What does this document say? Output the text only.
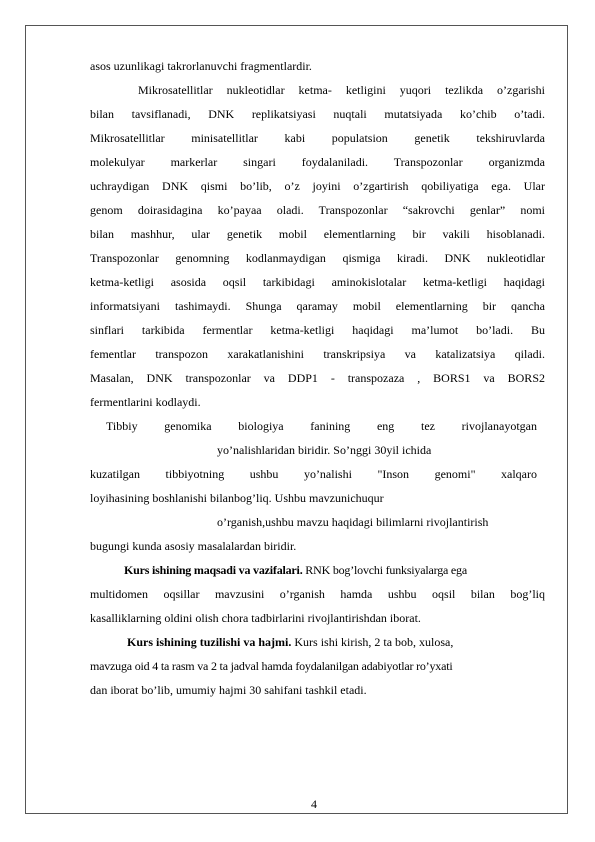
asos uzunlikagi takrorlanuvchi fragmentlardir.
Mikrosatellitlar nukleotidlar ketma- ketligini yuqori tezlikda o’zgarishi
bilan tavsiflanadi, DNK replikatsiyasi nuqtali mutatsiyada ko’chib o’tadi.
Mikrosatellitlar minisatellitlar kabi populatsion genetik tekshiruvlarda
molekulyar markerlar singari foydalaniladi. Transpozonlar organizmda
uchraydigan DNK qismi bo’lib, o’z joyini o’zgartirish qobiliyatiga ega. Ular
genom doirasidagina ko’payaa oladi. Transpozonlar “sakrovchi genlar” nomi
bilan mashhur, ular genetik mobil elementlarning bir vakili hisoblanadi.
Transpozonlar genomning kodlanmaydigan qismiga kiradi. DNK nukleotidlar
ketma-ketligi asosida oqsil tarkibidagi aminokislotalar ketma-ketligi haqidagi
informatsiyani tashimaydi. Shunga qaramay mobil elementlarning bir qancha
sinflari tarkibida fermentlar ketma-ketligi haqidagi ma’lumot bo’ladi. Bu
fementlar transpozon xarakatlanishini transkripsiya va katalizatsiya qiladi.
Masalan, DNK transpozonlar va DDP1 - transpozaza , BORS1 va BORS2
fermentlarini kodlaydi.
Tibbiy genomika biologiya fanining eng tez rivojlanayotgan
yo’nalishlaridan biridir. So’nggi 30yil ichida
kuzatilgan tibbiyotning ushbu yo’nalishi "Inson genomi" xalqaro
loyihasining boshlanishi bilanbog’liq. Ushbu mavzunichuqur
o’rganish,ushbu mavzu haqidagi bilimlarni rivojlantirish
bugungi kunda asosiy masalalardan biridir.
Kurs ishining maqsadi va vazifalari. RNK bog’lovchi funksiyalarga ega
multidomen oqsillar mavzusini o’rganish hamda ushbu oqsil bilan bog’liq
kasalliklarning oldini olish chora tadbirlarini rivojlantirishdan iborat.
Kurs ishining tuzilishi va hajmi. Kurs ishi kirish, 2 ta bob, xulosa,
mavzuga oid 4 ta rasm va 2 ta jadval hamda foydalanilgan adabiyotlar ro’yxati
dan iborat bo’lib, umumiy hajmi 30 sahifani tashkil etadi.
4
